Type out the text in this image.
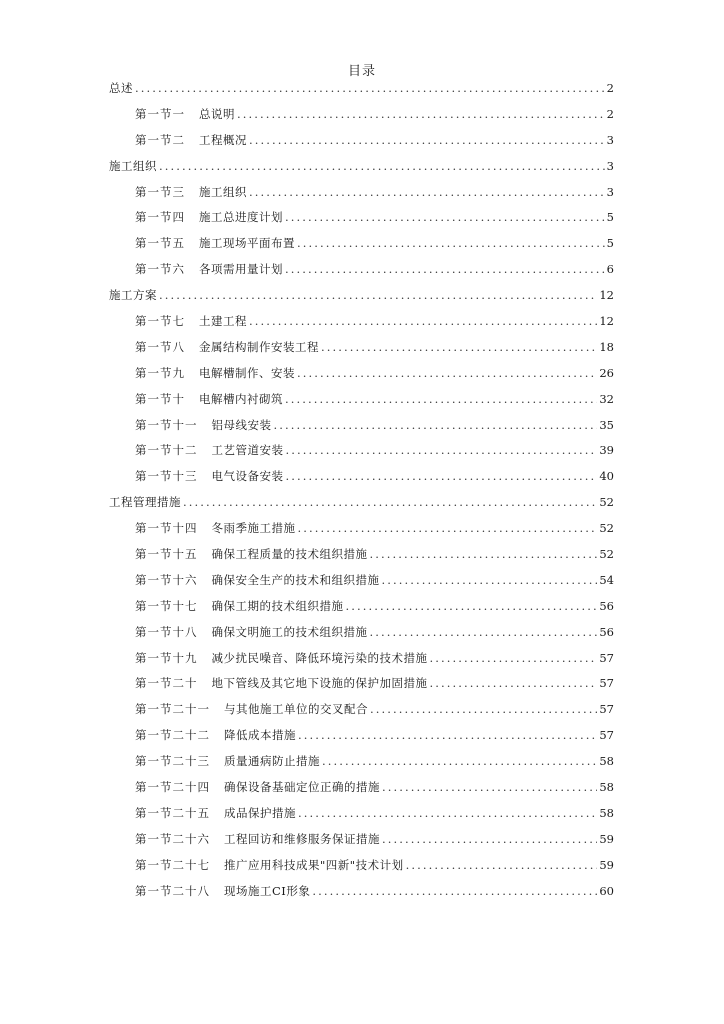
目录
总述 .....	2
第一节一 总说明 .....	2
第一节二 工程概况 .....	3
施工组织 .....	3
第一节三 施工组织 .....	3
第一节四 施工总进度计划 .....	5
第一节五 施工现场平面布置 .....	5
第一节六 各项需用量计划 .....	6
施工方案 .....	12
第一节七 土建工程 .....	12
第一节八 金属结构制作安装工程 .....	18
第一节九 电解槽制作、安装 .....	26
第一节十 电解槽内衬砌筑 .....	32
第一节十一 铝母线安装 .....	35
第一节十二 工艺管道安装 .....	39
第一节十三 电气设备安装 .....	40
工程管理措施 .....	52
第一节十四 冬雨季施工措施 .....	52
第一节十五 确保工程质量的技术组织措施 .....	52
第一节十六 确保安全生产的技术和组织措施 .....	54
第一节十七 确保工期的技术组织措施 .....	56
第一节十八 确保文明施工的技术组织措施 .....	56
第一节十九 减少扰民噪音、降低环境污染的技术措施 .....	57
第一节二十 地下管线及其它地下设施的保护加固措施 .....	57
第一节二十一 与其他施工单位的交叉配合 .....	57
第一节二十二 降低成本措施 .....	57
第一节二十三 质量通病防止措施 .....	58
第一节二十四 确保设备基础定位正确的措施 .....	58
第一节二十五 成品保护措施 .....	58
第一节二十六 工程回访和维修服务保证措施 .....	59
第一节二十七 推广应用科技成果"四新"技术计划 .....	59
第一节二十八 现场施工CI形象 .....	60
